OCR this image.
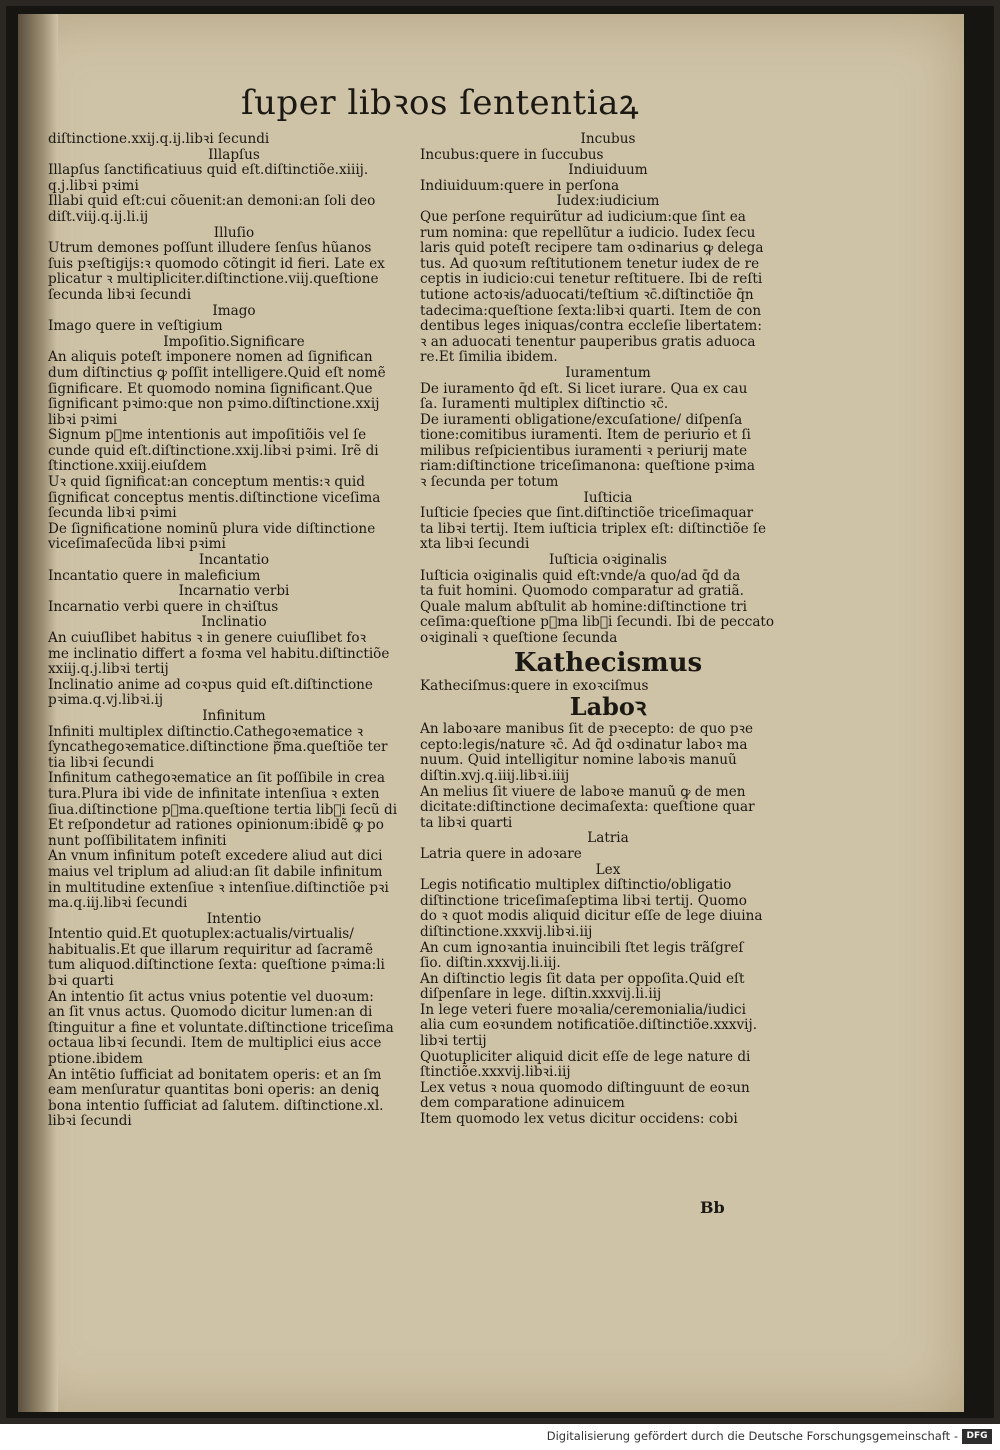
ſuper libꝛos ſententiaꝝ
diſtinctione.xxij.q.ij.libꝛi ſecundi
Illapſus
Illapſus ſanctificatiuus quid eſt.diſtinctiõe.xiiij.
q.j.libꝛi pꝛimi
Illabi quid eſt:cui cõuenit:an demoni:an ſoli deo
diſt.viij.q.ij.li.ij
Illuſio
Utrum demones poſſunt illudere ſenſus hũanos
ſuis pꝛeſtigijs:ꝛ quomodo cõtingit id fieri. Late ex
plicatur ꝛ multipliciter.diſtinctione.viij.queſtione
ſecunda libꝛi ſecundi
Imago
Imago quere in veſtigium
Impoſitio.Significare
An aliquis poteſt imponere nomen ad ſignifican
dum diſtinctius ꝙ poſſit intelligere.Quid eſt nomẽ
ſignificare. Et quomodo nomina ſignificant.Que
ſignificant pꝛimo:que non pꝛimo.diſtinctione.xxij
libꝛi pꝛimi
Signum pᷓme intentionis aut impoſitiõis vel ſe
cunde quid eſt.diſtinctione.xxij.libꝛi pꝛimi. Irẽ di
ſtinctione.xxiij.eiuſdem
Uꝛ quid ſignificat:an conceptum mentis:ꝛ quid
ſignificat conceptus mentis.diſtinctione viceſima
ſecunda libꝛi pꝛimi
De ſignificatione nominũ plura vide diſtinctione
viceſimaſecũda libꝛi pꝛimi
Incantatio
Incantatio quere in maleficium
Incarnatio verbi
Incarnatio verbi quere in chꝛiſtus
Inclinatio
An cuiuſlibet habitus ꝛ in genere cuiuſlibet foꝛ
me inclinatio differt a foꝛma vel habitu.diſtinctiõe
xxiij.q.j.libꝛi tertij
Inclinatio anime ad coꝛpus quid eſt.diſtinctione
pꝛima.q.vj.libꝛi.ij
Infinitum
Infiniti multiplex diſtinctio.Cathegoꝛematice ꝛ
ſyncathegoꝛematice.diſtinctione pᷓma.queſtiõe ter
tia libꝛi ſecundi
Infinitum cathegoꝛematice an ſit poſſibile in crea
tura.Plura ibi vide de infinitate intenſiua ꝛ exten
ſiua.diſtinctione pᷓma.queſtione tertia libꝛi ſecũ di
Et reſpondetur ad rationes opinionum:ibidẽ ꝙ po
nunt poſſibilitatem infiniti
An vnum infinitum poteſt excedere aliud aut dici
maius vel triplum ad aliud:an ſit dabile infinitum
in multitudine extenſiue ꝛ intenſiue.diſtinctiõe pꝛi
ma.q.iij.libꝛi ſecundi
Intentio
Intentio quid.Et quotuplex:actualis/virtualis/
habitualis.Et que illarum requiritur ad ſacramẽ
tum aliquod.diſtinctione ſexta: queſtione pꝛima:li
bꝛi quarti
An intentio ſit actus vnius potentie vel duoꝛum:
an ſit vnus actus. Quomodo dicitur lumen:an di
ſtinguitur a fine et voluntate.diſtinctione triceſima
octaua libꝛi ſecundi. Item de multiplici eius acce
ptione.ibidem
An intẽtio ſufficiat ad bonitatem operis: et an ſm
eam menſuratur quantitas boni operis: an deniꝗ
bona intentio ſufficiat ad ſalutem. diſtinctione.xl.
libꝛi ſecundi
Incubus
Incubus:quere in ſuccubus
Indiuiduum
Indiuiduum:quere in perſona
Iudex:iudicium
Que perſone requirũtur ad iudicium:que ſint ea
rum nomina: que repellũtur a iudicio. Iudex ſecu
laris quid poteſt recipere tam oꝛdinarius ꝙ delega
tus. Ad quoꝛum reſtitutionem tenetur iudex de re
ceptis in iudicio:cui tenetur reſtituere. Ibi de reſti
tutione actoꝛis/aduocati/teſtium ꝛc̄.diſtinctiõe q̄n
tadecima:queſtione ſexta:libꝛi quarti. Item de con
dentibus leges iniquas/contra eccleſie libertatem:
ꝛ an aduocati tenentur pauperibus gratis aduoca
re.Et ſimilia ibidem.
Iuramentum
De iuramento q̄d eſt. Si licet iurare. Qua ex cau
ſa. Iuramenti multiplex diſtinctio ꝛc̄.
De iuramenti obligatione/excuſatione/ diſpenſa
tione:comitibus iuramenti. Item de periurio et ſi
milibus reſpicientibus iuramenti ꝛ periurij mate
riam:diſtinctione triceſimanona: queſtione pꝛima
ꝛ ſecunda per totum
Iuſticia
Iuſticie ſpecies que ſint.diſtinctiõe triceſimaquar
ta libꝛi tertij. Item iuſticia triplex eſt: diſtinctiõe ſe
xta libꝛi ſecundi
Iuſticia oꝛiginalis
Iuſticia oꝛiginalis quid eſt:vnde/a quo/ad q̄d da
ta fuit homini. Quomodo comparatur ad gratiã.
Quale malum abſtulit ab homine:diſtinctione tri
ceſima:queſtione pᷓma libꝛi ſecundi. Ibi de peccato
oꝛiginali ꝛ queſtione ſecunda
Kathecismus
Katheciſmus:quere in exoꝛciſmus
Laboꝛ
An laboꝛare manibus ſit de pꝛecepto: de quo pꝛe
cepto:legis/nature ꝛc̄. Ad q̄d oꝛdinatur laboꝛ ma
nuum. Quid intelligitur nomine laboꝛis manuũ
diſtin.xvj.q.iiij.libꝛi.iiij
An melius ſit viuere de laboꝛe manuũ ꝙ de men
dicitate:diſtinctione decimaſexta: queſtione quar
ta libꝛi quarti
Latria
Latria quere in adoꝛare
Lex
Legis notificatio multiplex diſtinctio/obligatio
diſtinctione triceſimaſeptima libꝛi tertij. Quomo
do ꝛ quot modis aliquid dicitur eſſe de lege diuina
diſtinctione.xxxvij.libꝛi.iij
An cum ignoꝛantia inuincibili ſtet legis trãſgreſ
ſio. diſtin.xxxvij.li.iij.
An diſtinctio legis ſit data per oppoſita.Quid eſt
diſpenſare in lege. diſtin.xxxvij.li.iij
In lege veteri fuere moꝛalia/ceremonialia/iudici
alia cum eoꝛundem notificatiõe.diſtinctiõe.xxxvij.
libꝛi tertij
Quotupliciter aliquid dicit eſſe de lege nature di
ſtinctiõe.xxxvij.libꝛi.iij
Lex vetus ꝛ noua quomodo diſtinguunt de eoꝛun
dem comparatione adinuicem
Item quomodo lex vetus dicitur occidens: cobi
Bb
Digitalisierung gefördert durch die Deutsche Forschungsgemeinschaft - DFG
